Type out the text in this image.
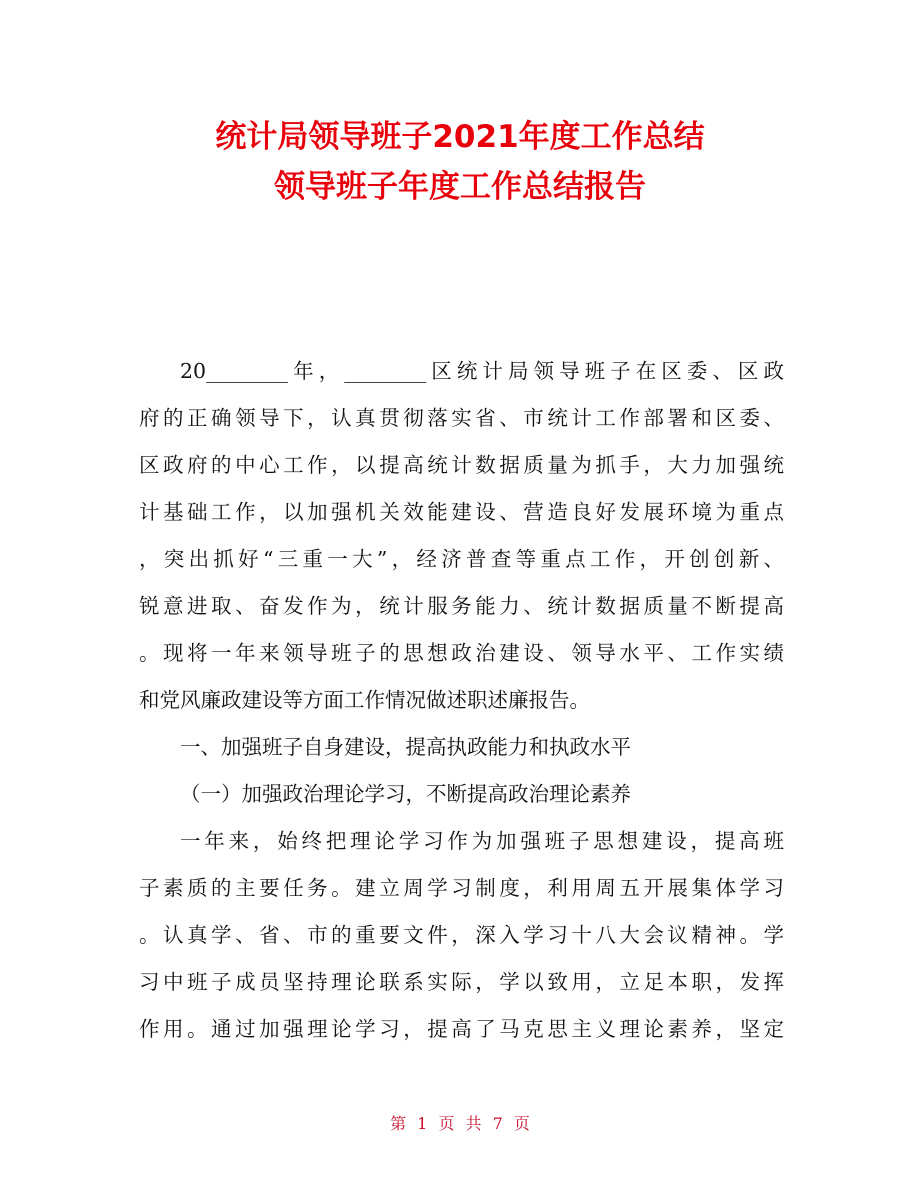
统计局领导班子2021年度工作总结
领导班子年度工作总结报告
20________年，________区统计局领导班子在区委、区政
府的正确领导下，认真贯彻落实省、市统计工作部署和区委、
区政府的中心工作，以提高统计数据质量为抓手，大力加强统
计基础工作，以加强机关效能建设、营造良好发展环境为重点
，突出抓好“三重一大”，经济普查等重点工作，开创创新、
锐意进取、奋发作为，统计服务能力、统计数据质量不断提高
。现将一年来领导班子的思想政治建设、领导水平、工作实绩
和党风廉政建设等方面工作情况做述职述廉报告。
一、加强班子自身建设，提高执政能力和执政水平
（一）加强政治理论学习，不断提高政治理论素养
一年来，始终把理论学习作为加强班子思想建设，提高班
子素质的主要任务。建立周学习制度，利用周五开展集体学习
。认真学、省、市的重要文件，深入学习十八大会议精神。学
习中班子成员坚持理论联系实际，学以致用，立足本职，发挥
作用。通过加强理论学习，提高了马克思主义理论素养，坚定
第 1 页 共 7 页
